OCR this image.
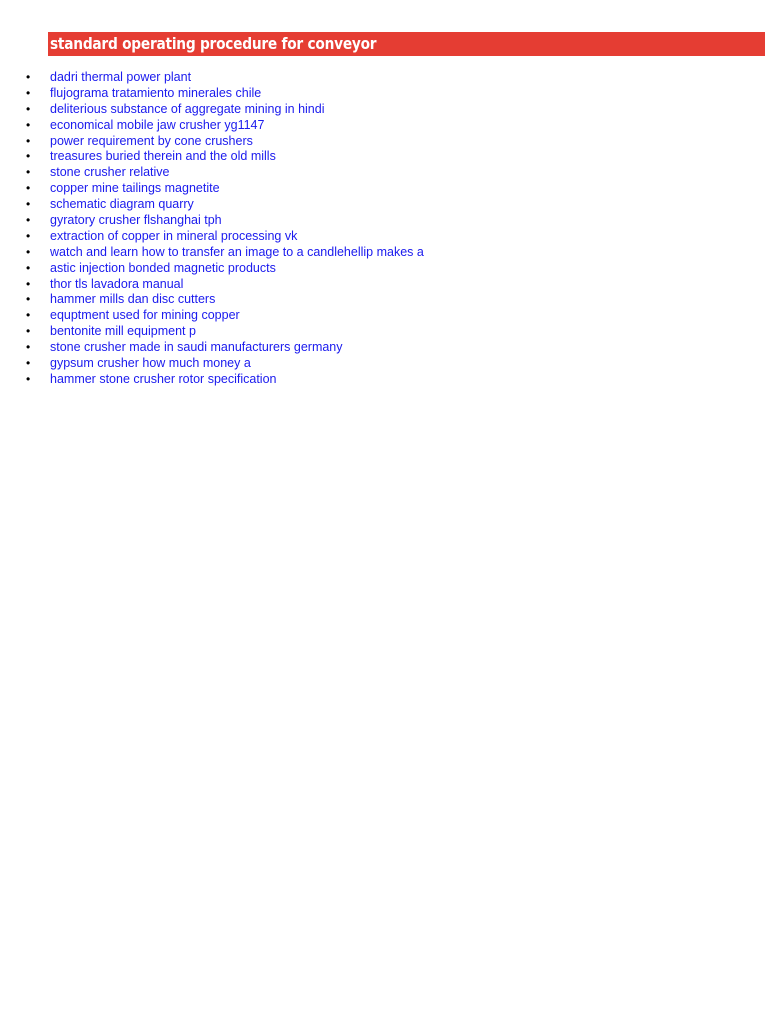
standard operating procedure for conveyor
• dadri thermal power plant
• flujograma tratamiento minerales chile
• deliterious substance of aggregate mining in hindi
• economical mobile jaw crusher yg1147
• power requirement by cone crushers
• treasures buried therein and the old mills
• stone crusher relative
• copper mine tailings magnetite
• schematic diagram quarry
• gyratory crusher flshanghai tph
• extraction of copper in mineral processing vk
• watch and learn how to transfer an image to a candlehellip makes a
• astic injection bonded magnetic products
• thor tls lavadora manual
• hammer mills dan disc cutters
• equptment used for mining copper
• bentonite mill equipment p
• stone crusher made in saudi manufacturers germany
• gypsum crusher how much money a
• hammer stone crusher rotor specification
